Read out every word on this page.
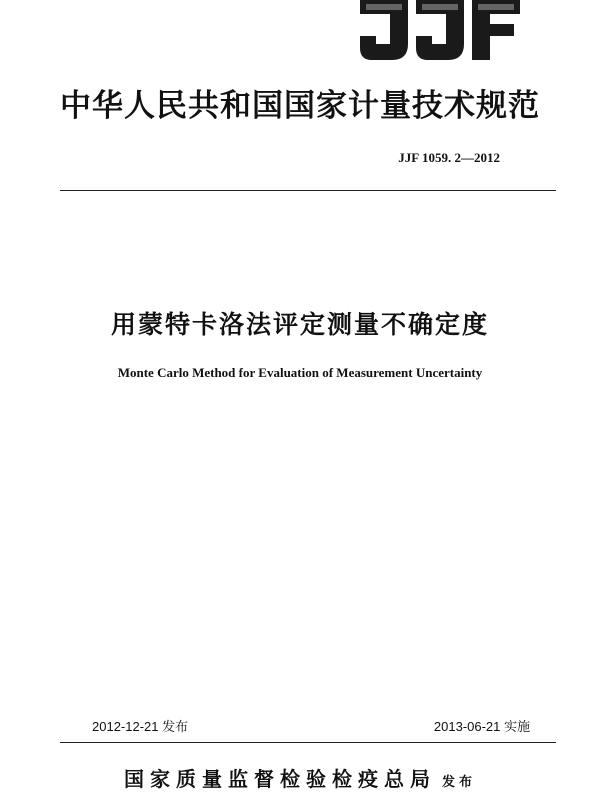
中华人民共和国国家计量技术规范
JJF 1059. 2—2012
用蒙特卡洛法评定测量不确定度
Monte Carlo Method for Evaluation of Measurement Uncertainty
2012-12-21 发布	2013-06-21 实施
国家质量监督检验检疫总局 发布
